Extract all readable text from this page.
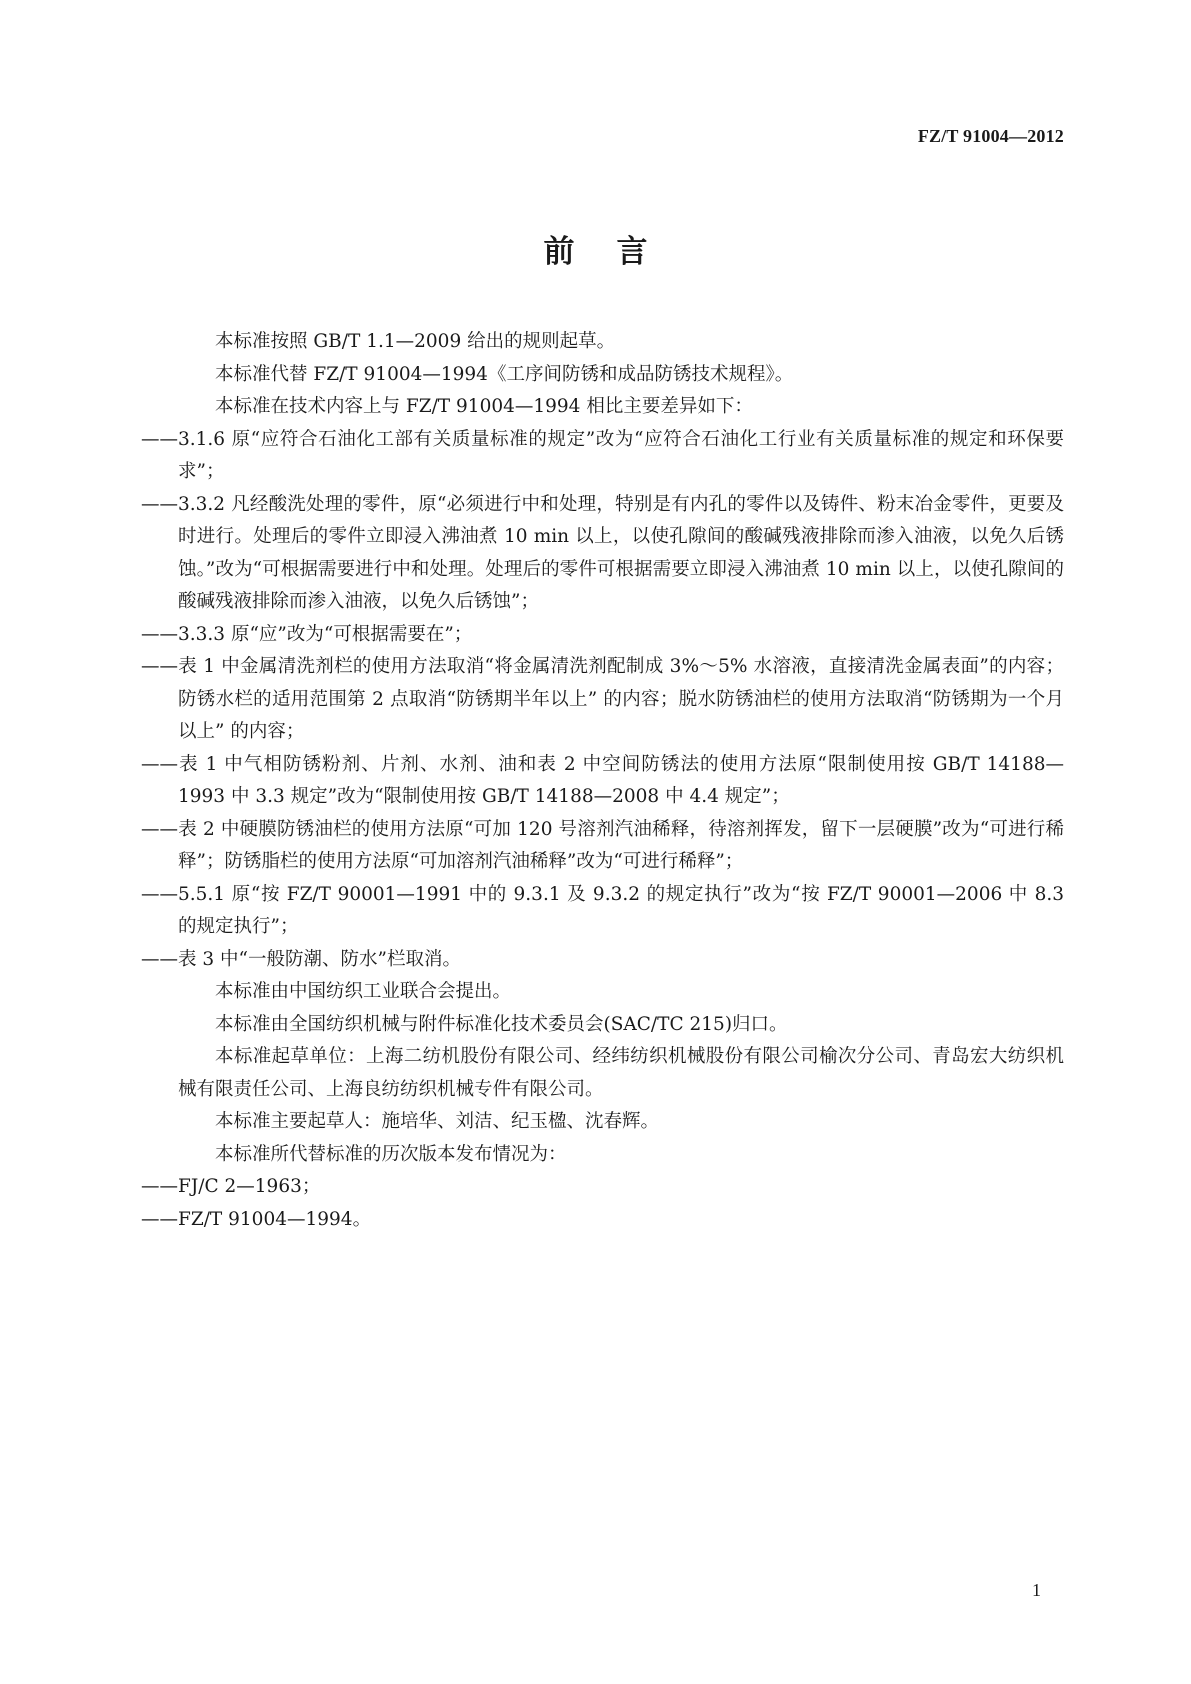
FZ/T 91004—2012
前言

本标准按照 GB/T 1.1—2009 给出的规则起草。

本标准代替 FZ/T 91004—1994《工序间防锈和成品防锈技术规程》。

本标准在技术内容上与 FZ/T 91004—1994 相比主要差异如下：

——3.1.6 原“应符合石油化工部有关质量标准的规定”改为“应符合石油化工行业有关质量标准的规定和环保要求”；

——3.3.2 凡经酸洗处理的零件，原“必须进行中和处理，特别是有内孔的零件以及铸件、粉末冶金零件，更要及时进行。处理后的零件立即浸入沸油煮 10 min 以上，以使孔隙间的酸碱残液排除而渗入油液，以免久后锈蚀。”改为“可根据需要进行中和处理。处理后的零件可根据需要立即浸入沸油煮 10 min 以上，以使孔隙间的酸碱残液排除而渗入油液，以免久后锈蚀”；

——3.3.3 原“应”改为“可根据需要在”；

——表 1 中金属清洗剂栏的使用方法取消“将金属清洗剂配制成 3%～5% 水溶液，直接清洗金属表面”的内容；防锈水栏的适用范围第 2 点取消“防锈期半年以上” 的内容；脱水防锈油栏的使用方法取消“防锈期为一个月以上” 的内容；

——表 1 中气相防锈粉剂、片剂、水剂、油和表 2 中空间防锈法的使用方法原“限制使用按 GB/T 14188—1993 中 3.3 规定”改为“限制使用按 GB/T 14188—2008 中 4.4 规定”；

——表 2 中硬膜防锈油栏的使用方法原“可加 120 号溶剂汽油稀释，待溶剂挥发，留下一层硬膜”改为“可进行稀释”；防锈脂栏的使用方法原“可加溶剂汽油稀释”改为“可进行稀释”；

——5.5.1 原“按 FZ/T 90001—1991 中的 9.3.1 及 9.3.2 的规定执行”改为“按 FZ/T 90001—2006 中 8.3 的规定执行”；

——表 3 中“一般防潮、防水”栏取消。

本标准由中国纺织工业联合会提出。

本标准由全国纺织机械与附件标准化技术委员会(SAC/TC 215)归口。

本标准起草单位：上海二纺机股份有限公司、经纬纺织机械股份有限公司榆次分公司、青岛宏大纺织机械有限责任公司、上海良纺纺织机械专件有限公司。

本标准主要起草人：施培华、刘洁、纪玉楹、沈春辉。

本标准所代替标准的历次版本发布情况为：

——FJ/C 2—1963；

——FZ/T 91004—1994。

1
